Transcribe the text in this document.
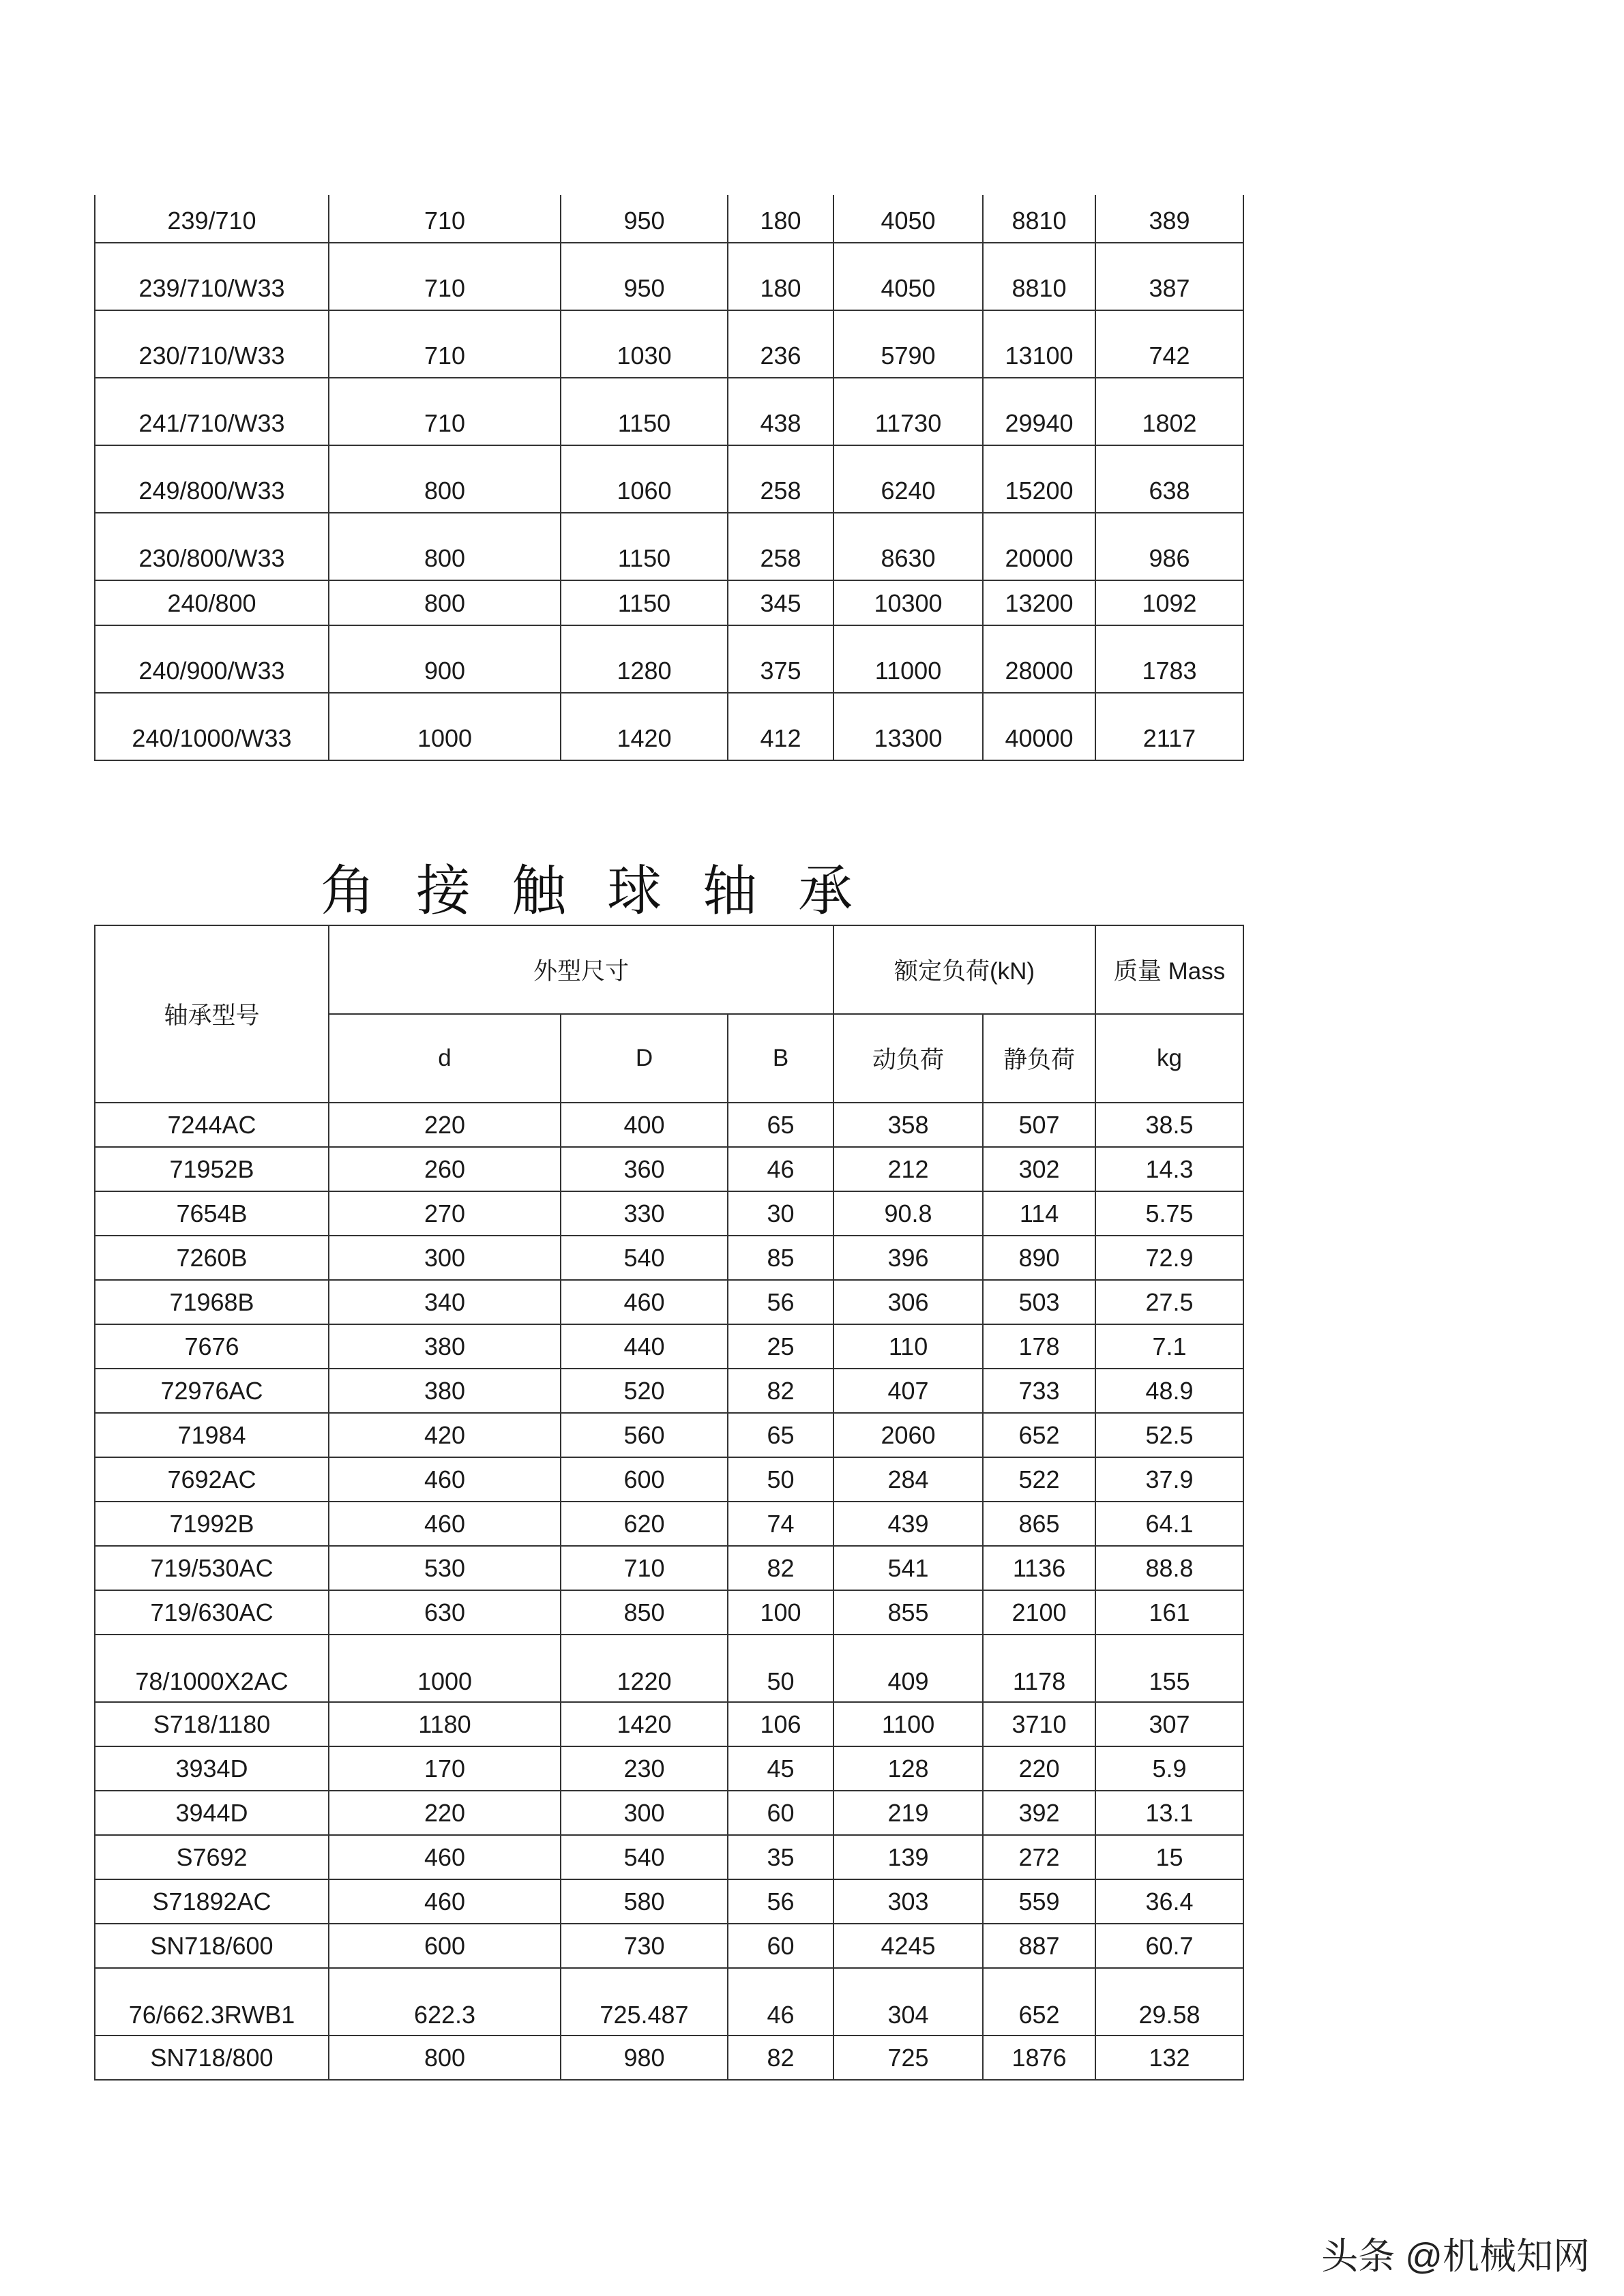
239/710	710	950	180	4050	8810	389
239/710/W33	710	950	180	4050	8810	387
230/710/W33	710	1030	236	5790	13100	742
241/710/W33	710	1150	438	11730	29940	1802
249/800/W33	800	1060	258	6240	15200	638
230/800/W33	800	1150	258	8630	20000	986
240/800	800	1150	345	10300	13200	1092
240/900/W33	900	1280	375	11000	28000	1783
240/1000/W33	1000	1420	412	13300	40000	2117
角接触球轴承
轴承型号	外型尺寸			额定负荷(kN)		质量 Mass
	d	D	B	动负荷	静负荷	kg
7244AC	220	400	65	358	507	38.5
71952B	260	360	46	212	302	14.3
7654B	270	330	30	90.8	114	5.75
7260B	300	540	85	396	890	72.9
71968B	340	460	56	306	503	27.5
7676	380	440	25	110	178	7.1
72976AC	380	520	82	407	733	48.9
71984	420	560	65	2060	652	52.5
7692AC	460	600	50	284	522	37.9
71992B	460	620	74	439	865	64.1
719/530AC	530	710	82	541	1136	88.8
719/630AC	630	850	100	855	2100	161
78/1000X2AC	1000	1220	50	409	1178	155
S718/1180	1180	1420	106	1100	3710	307
3934D	170	230	45	128	220	5.9
3944D	220	300	60	219	392	13.1
S7692	460	540	35	139	272	15
S71892AC	460	580	56	303	559	36.4
SN718/600	600	730	60	4245	887	60.7
76/662.3RWB1	622.3	725.487	46	304	652	29.58
SN718/800	800	980	82	725	1876	132
头条 @机械知网
